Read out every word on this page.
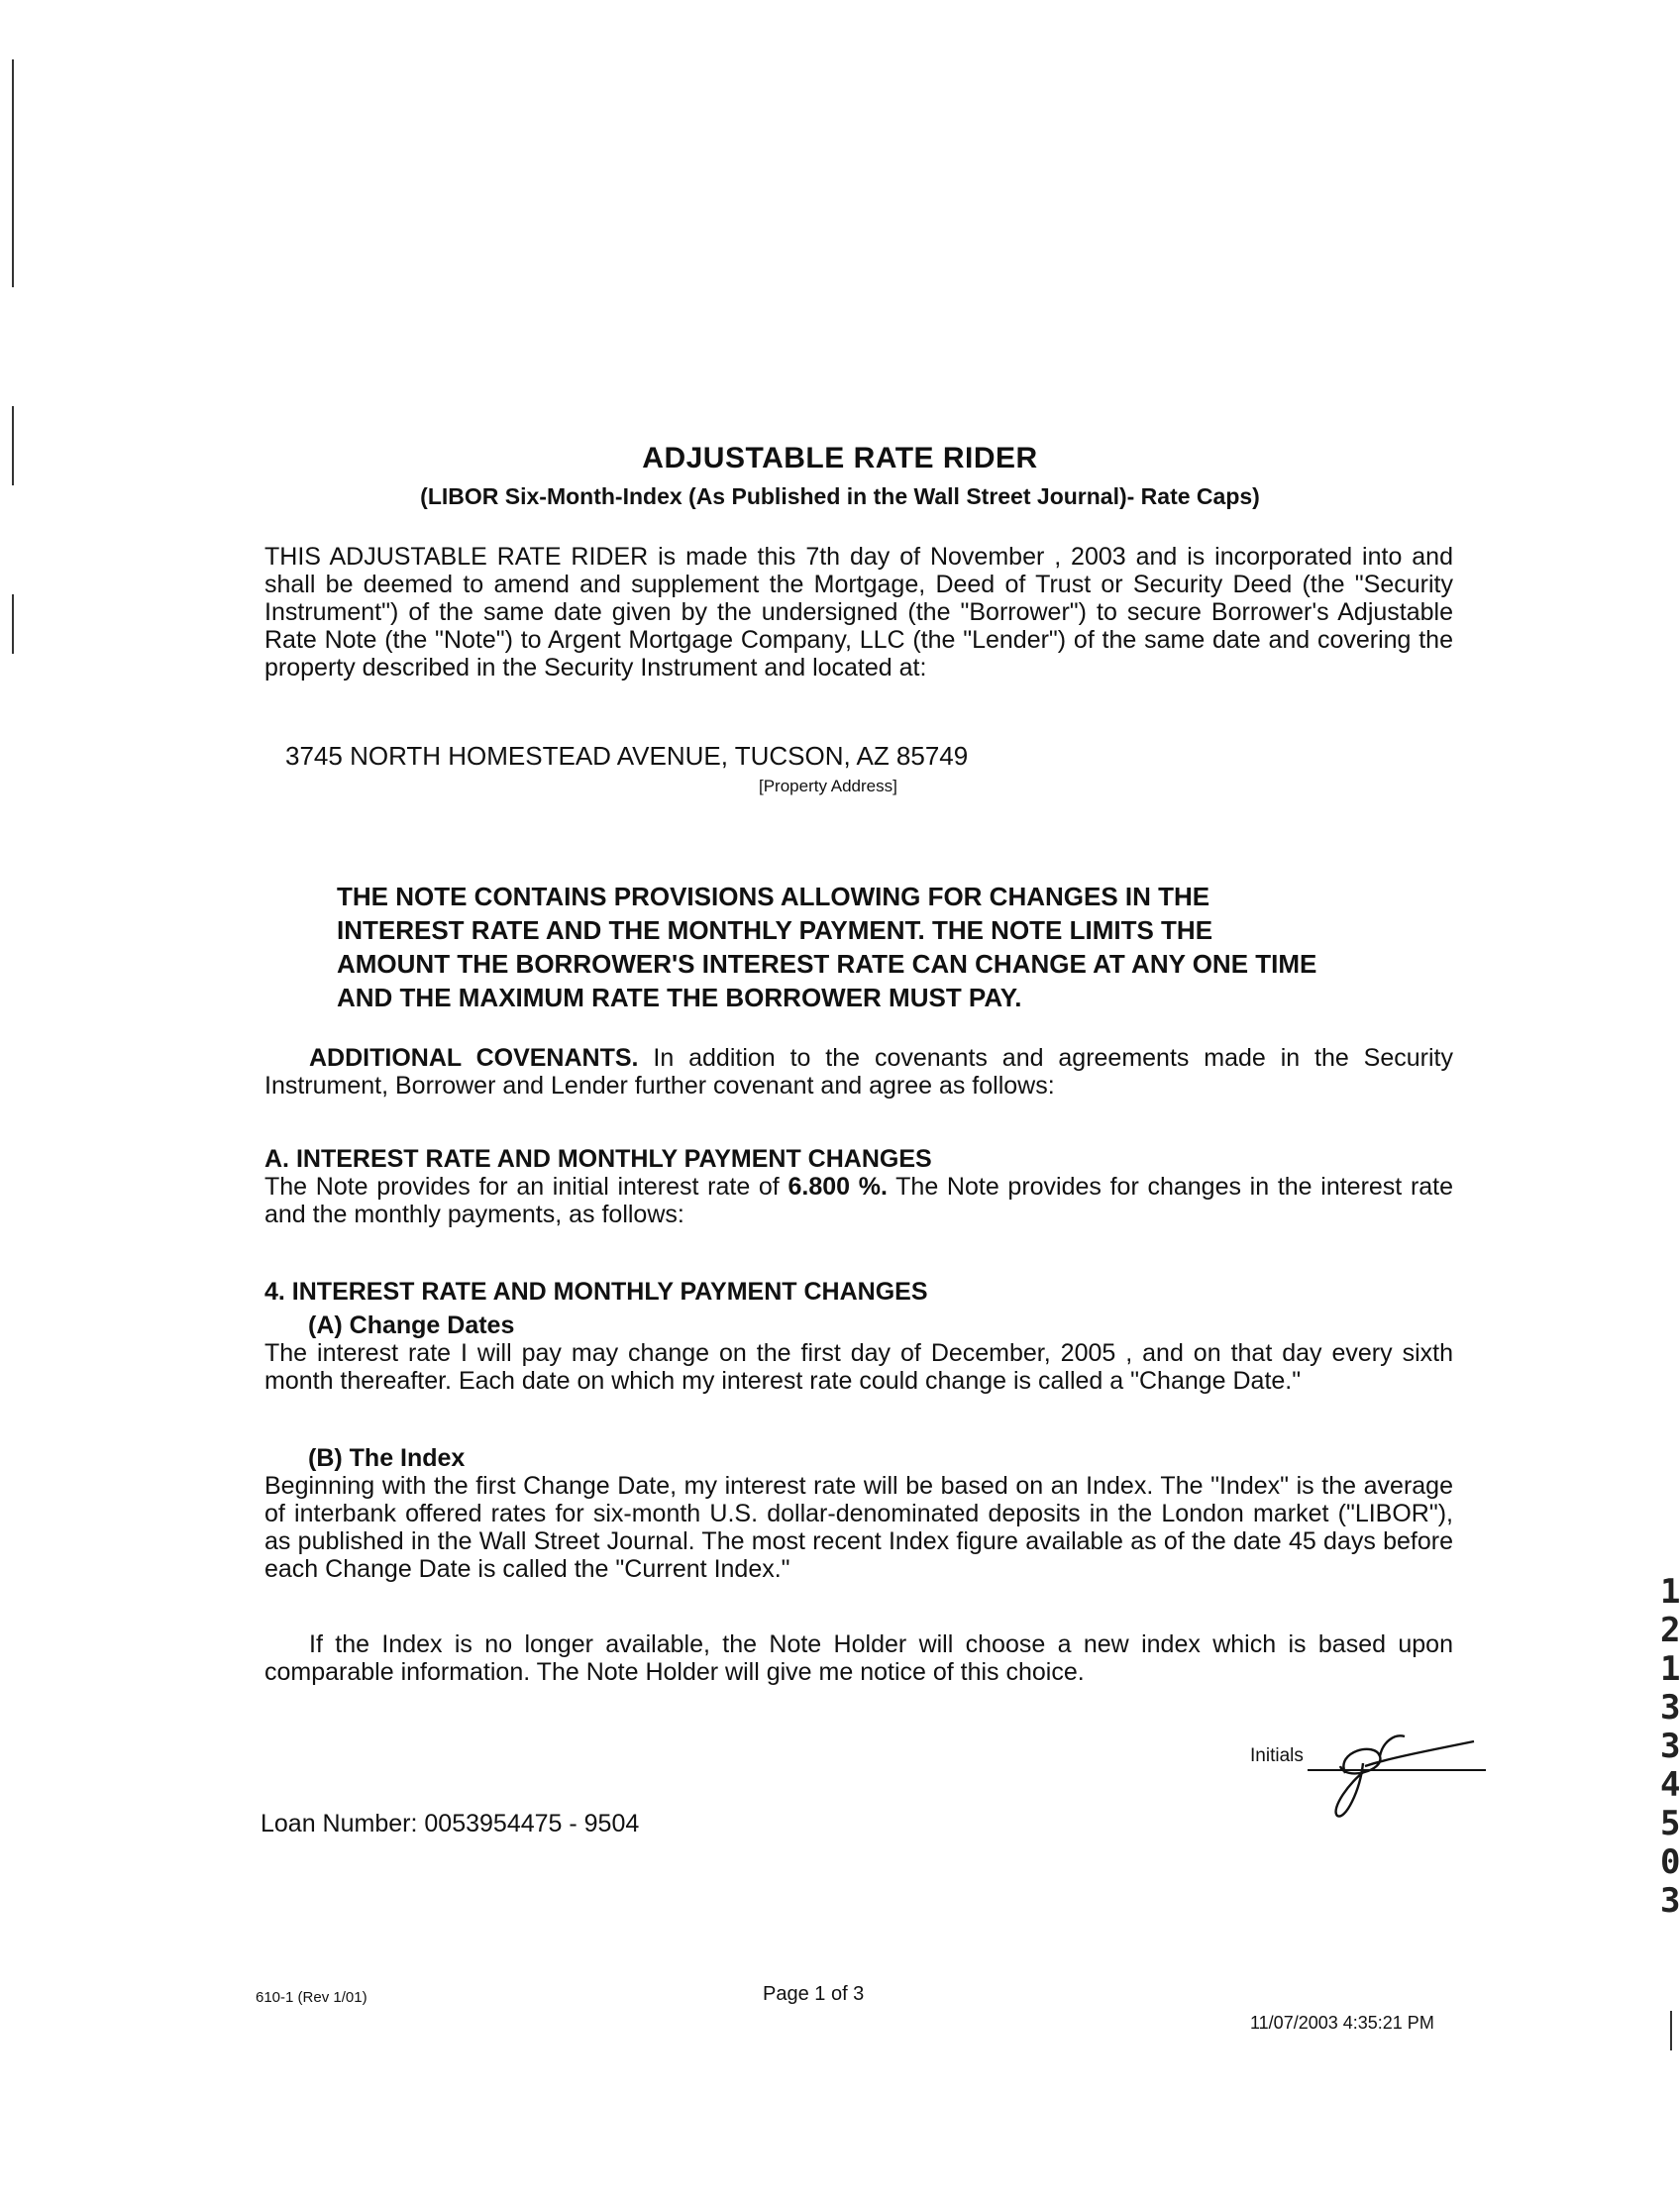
ADJUSTABLE RATE RIDER
(LIBOR Six-Month-Index (As Published in the Wall Street Journal)- Rate Caps)
THIS ADJUSTABLE RATE RIDER is made this 7th day of November , 2003 and is incorporated into and shall be deemed to amend and supplement the Mortgage, Deed of Trust or Security Deed (the "Security Instrument") of the same date given by the undersigned (the "Borrower") to secure Borrower's Adjustable Rate Note (the "Note") to Argent Mortgage Company, LLC (the "Lender") of the same date and covering the property described in the Security Instrument and located at:
3745 NORTH HOMESTEAD AVENUE, TUCSON, AZ 85749
[Property Address]
THE NOTE CONTAINS PROVISIONS ALLOWING FOR CHANGES IN THE INTEREST RATE AND THE MONTHLY PAYMENT. THE NOTE LIMITS THE AMOUNT THE BORROWER'S INTEREST RATE CAN CHANGE AT ANY ONE TIME AND THE MAXIMUM RATE THE BORROWER MUST PAY.
ADDITIONAL COVENANTS. In addition to the covenants and agreements made in the Security Instrument, Borrower and Lender further covenant and agree as follows:
A. INTEREST RATE AND MONTHLY PAYMENT CHANGES
The Note provides for an initial interest rate of 6.800 %. The Note provides for changes in the interest rate and the monthly payments, as follows:
4. INTEREST RATE AND MONTHLY PAYMENT CHANGES
(A) Change Dates
The interest rate I will pay may change on the first day of December, 2005 , and on that day every sixth month thereafter. Each date on which my interest rate could change is called a "Change Date."
(B) The Index
Beginning with the first Change Date, my interest rate will be based on an Index. The "Index" is the average of interbank offered rates for six-month U.S. dollar-denominated deposits in the London market ("LIBOR"), as published in the Wall Street Journal. The most recent Index figure available as of the date 45 days before each Change Date is called the "Current Index."
If the Index is no longer available, the Note Holder will choose a new index which is based upon comparable information. The Note Holder will give me notice of this choice.
Initials
Loan Number: 0053954475 - 9504
610-1 (Rev 1/01)	Page 1 of 3
11/07/2003 4:35:21 PM
1
2
1
3
3
4
5
0
3
